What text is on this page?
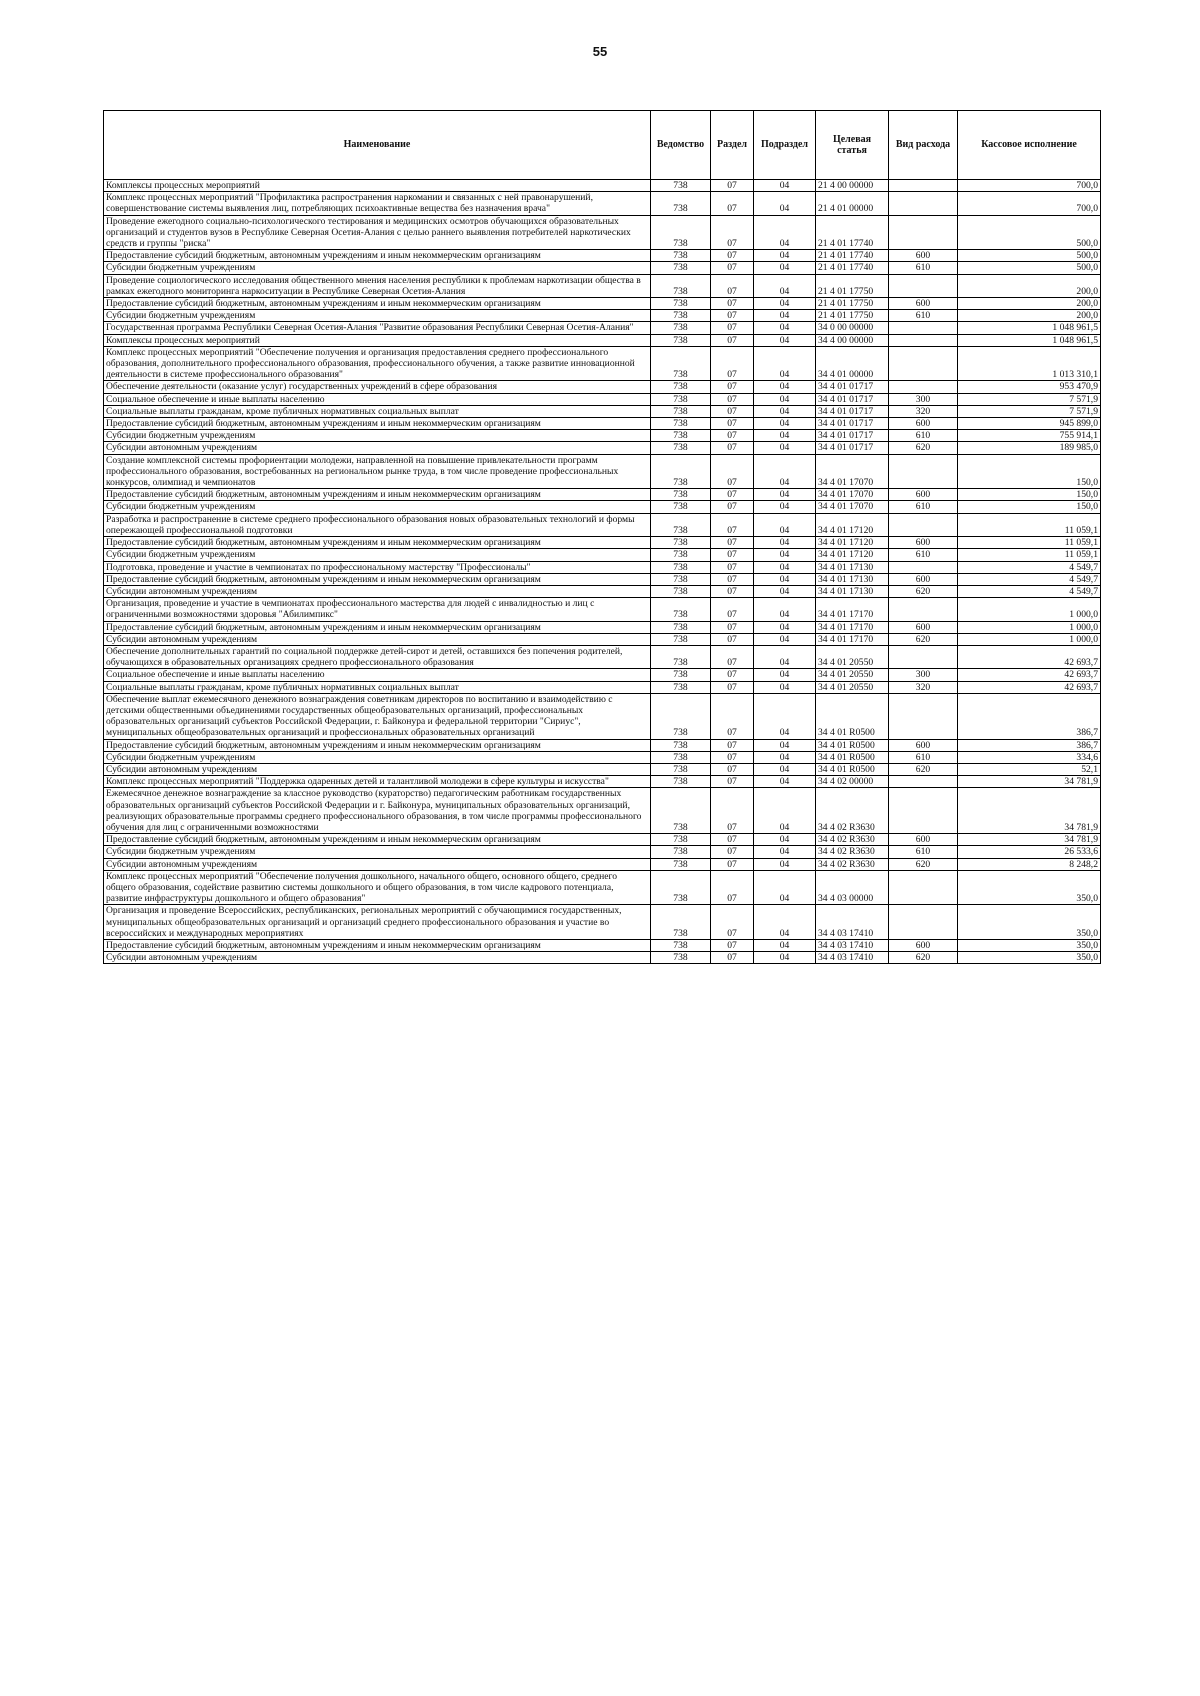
55
Наименование	Ведомство	Раздел	Подраздел	Целевая статья	Вид расхода	Кассовое исполнение
Комплексы процессных мероприятий	738	07	04	21 4 00 00000		700,0
Комплекс процессных мероприятий "Профилактика распространения наркомании и связанных с ней правонарушений, совершенствование системы выявления лиц, потребляющих психоактивные вещества без назначения врача"	738	07	04	21 4 01 00000		700,0
Проведение ежегодного социально-психологического тестирования и медицинских осмотров обучающихся образовательных организаций и студентов вузов в Республике Северная Осетия-Алания с целью раннего выявления потребителей наркотических средств и группы "риска"	738	07	04	21 4 01 17740		500,0
Предоставление субсидий бюджетным, автономным учреждениям и иным некоммерческим организациям	738	07	04	21 4 01 17740	600	500,0
Субсидии бюджетным учреждениям	738	07	04	21 4 01 17740	610	500,0
Проведение социологического исследования общественного мнения населения республики к проблемам наркотизации общества в рамках ежегодного мониторинга наркоситуации в Республике Северная Осетия-Алания	738	07	04	21 4 01 17750		200,0
Предоставление субсидий бюджетным, автономным учреждениям и иным некоммерческим организациям	738	07	04	21 4 01 17750	600	200,0
Субсидии бюджетным учреждениям	738	07	04	21 4 01 17750	610	200,0
Государственная программа Республики Северная Осетия-Алания "Развитие образования Республики Северная Осетия-Алания"	738	07	04	34 0 00 00000		1 048 961,5
Комплексы процессных мероприятий	738	07	04	34 4 00 00000		1 048 961,5
Комплекс процессных мероприятий "Обеспечение получения и организация предоставления среднего профессионального образования, дополнительного профессионального образования, профессионального обучения, а также развитие инновационной деятельности в системе профессионального образования"	738	07	04	34 4 01 00000		1 013 310,1
Обеспечение деятельности (оказание услуг) государственных учреждений в сфере образования	738	07	04	34 4 01 01717		953 470,9
Социальное обеспечение и иные выплаты населению	738	07	04	34 4 01 01717	300	7 571,9
Социальные выплаты гражданам, кроме публичных нормативных социальных выплат	738	07	04	34 4 01 01717	320	7 571,9
Предоставление субсидий бюджетным, автономным учреждениям и иным некоммерческим организациям	738	07	04	34 4 01 01717	600	945 899,0
Субсидии бюджетным учреждениям	738	07	04	34 4 01 01717	610	755 914,1
Субсидии автономным учреждениям	738	07	04	34 4 01 01717	620	189 985,0
Создание комплексной системы профориентации молодежи, направленной на повышение привлекательности программ профессионального образования, востребованных на региональном рынке труда, в том числе проведение профессиональных конкурсов, олимпиад и чемпионатов	738	07	04	34 4 01 17070		150,0
Предоставление субсидий бюджетным, автономным учреждениям и иным некоммерческим организациям	738	07	04	34 4 01 17070	600	150,0
Субсидии бюджетным учреждениям	738	07	04	34 4 01 17070	610	150,0
Разработка и распространение в системе среднего профессионального образования новых образовательных технологий и формы опережающей профессиональной подготовки	738	07	04	34 4 01 17120		11 059,1
Предоставление субсидий бюджетным, автономным учреждениям и иным некоммерческим организациям	738	07	04	34 4 01 17120	600	11 059,1
Субсидии бюджетным учреждениям	738	07	04	34 4 01 17120	610	11 059,1
Подготовка, проведение и участие в чемпионатах по профессиональному мастерству "Профессионалы"	738	07	04	34 4 01 17130		4 549,7
Предоставление субсидий бюджетным, автономным учреждениям и иным некоммерческим организациям	738	07	04	34 4 01 17130	600	4 549,7
Субсидии автономным учреждениям	738	07	04	34 4 01 17130	620	4 549,7
Организация, проведение и участие в чемпионатах профессионального мастерства для людей с инвалидностью и лиц с ограниченными возможностями здоровья "Абилимпикс"	738	07	04	34 4 01 17170		1 000,0
Предоставление субсидий бюджетным, автономным учреждениям и иным некоммерческим организациям	738	07	04	34 4 01 17170	600	1 000,0
Субсидии автономным учреждениям	738	07	04	34 4 01 17170	620	1 000,0
Обеспечение дополнительных гарантий по социальной поддержке детей-сирот и детей, оставшихся без попечения родителей, обучающихся в образовательных организациях среднего профессионального образования	738	07	04	34 4 01 20550		42 693,7
Социальное обеспечение и иные выплаты населению	738	07	04	34 4 01 20550	300	42 693,7
Социальные выплаты гражданам, кроме публичных нормативных социальных выплат	738	07	04	34 4 01 20550	320	42 693,7
Обеспечение выплат ежемесячного денежного вознаграждения советникам директоров по воспитанию и взаимодействию с детскими общественными объединениями государственных общеобразовательных организаций, профессиональных образовательных организаций субъектов Российской Федерации, г. Байконура и федеральной территории "Сириус", муниципальных общеобразовательных организаций и профессиональных образовательных организаций	738	07	04	34 4 01 R0500		386,7
Предоставление субсидий бюджетным, автономным учреждениям и иным некоммерческим организациям	738	07	04	34 4 01 R0500	600	386,7
Субсидии бюджетным учреждениям	738	07	04	34 4 01 R0500	610	334,6
Субсидии автономным учреждениям	738	07	04	34 4 01 R0500	620	52,1
Комплекс процессных мероприятий "Поддержка одаренных детей и талантливой молодежи в сфере культуры и искусства"	738	07	04	34 4 02 00000		34 781,9
Ежемесячное денежное вознаграждение за классное руководство (кураторство) педагогическим работникам государственных образовательных организаций субъектов Российской Федерации и г. Байконура, муниципальных образовательных организаций, реализующих образовательные программы среднего профессионального образования, в том числе программы профессионального обучения для лиц с ограниченными возможностями	738	07	04	34 4 02 R3630		34 781,9
Предоставление субсидий бюджетным, автономным учреждениям и иным некоммерческим организациям	738	07	04	34 4 02 R3630	600	34 781,9
Субсидии бюджетным учреждениям	738	07	04	34 4 02 R3630	610	26 533,6
Субсидии автономным учреждениям	738	07	04	34 4 02 R3630	620	8 248,2
Комплекс процессных мероприятий "Обеспечение получения дошкольного, начального общего, основного общего, среднего общего образования, содействие развитию системы дошкольного и общего образования, в том числе кадрового потенциала, развитие инфраструктуры дошкольного и общего образования"	738	07	04	34 4 03 00000		350,0
Организация и проведение Всероссийских, республиканских, региональных мероприятий с обучающимися государственных, муниципальных общеобразовательных организаций и организаций среднего профессионального образования и участие во всероссийских и международных мероприятиях	738	07	04	34 4 03 17410		350,0
Предоставление субсидий бюджетным, автономным учреждениям и иным некоммерческим организациям	738	07	04	34 4 03 17410	600	350,0
Субсидии автономным учреждениям	738	07	04	34 4 03 17410	620	350,0
